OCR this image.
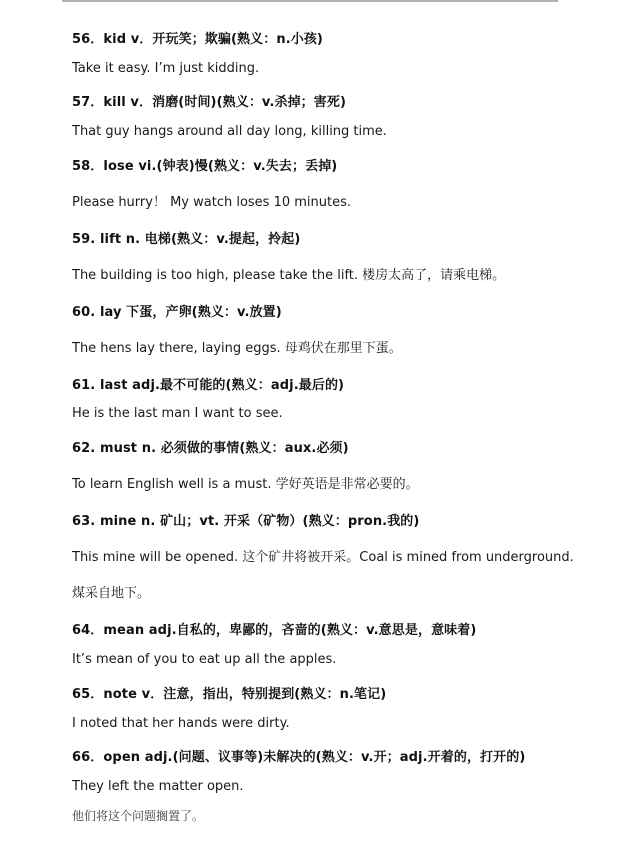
56．kid v．开玩笑；欺骗(熟义：n.小孩)
Take it easy. I’m just kidding.
57．kill v．消磨(时间)(熟义：v.杀掉；害死)
That guy hangs around all day long, killing time.
58．lose vi.(钟表)慢(熟义：v.失去；丢掉)
Please hurry！ My watch loses 10 minutes.
59. lift n. 电梯(熟义：v.提起，拎起)
The building is too high, please take the lift. 楼房太高了，请乘电梯。
60. lay 下蛋，产卵(熟义：v.放置)
The hens lay there, laying eggs. 母鸡伏在那里下蛋。
61. last adj.最不可能的(熟义：adj.最后的)
He is the last man I want to see.
62. must n. 必须做的事情(熟义：aux.必须)
To learn English well is a must. 学好英语是非常必要的。
63. mine n. 矿山；vt. 开采（矿物）(熟义：pron.我的)
This mine will be opened. 这个矿井将被开采。Coal is mined from underground.
煤采自地下。
64．mean adj.自私的，卑鄙的，吝啬的(熟义：v.意思是，意味着)
It’s mean of you to eat up all the apples.
65．note v．注意，指出，特别提到(熟义：n.笔记)
I noted that her hands were dirty.
66．open adj.(问题、议事等)未解决的(熟义：v.开；adj.开着的，打开的)
They left the matter open.
他们将这个问题搁置了。
